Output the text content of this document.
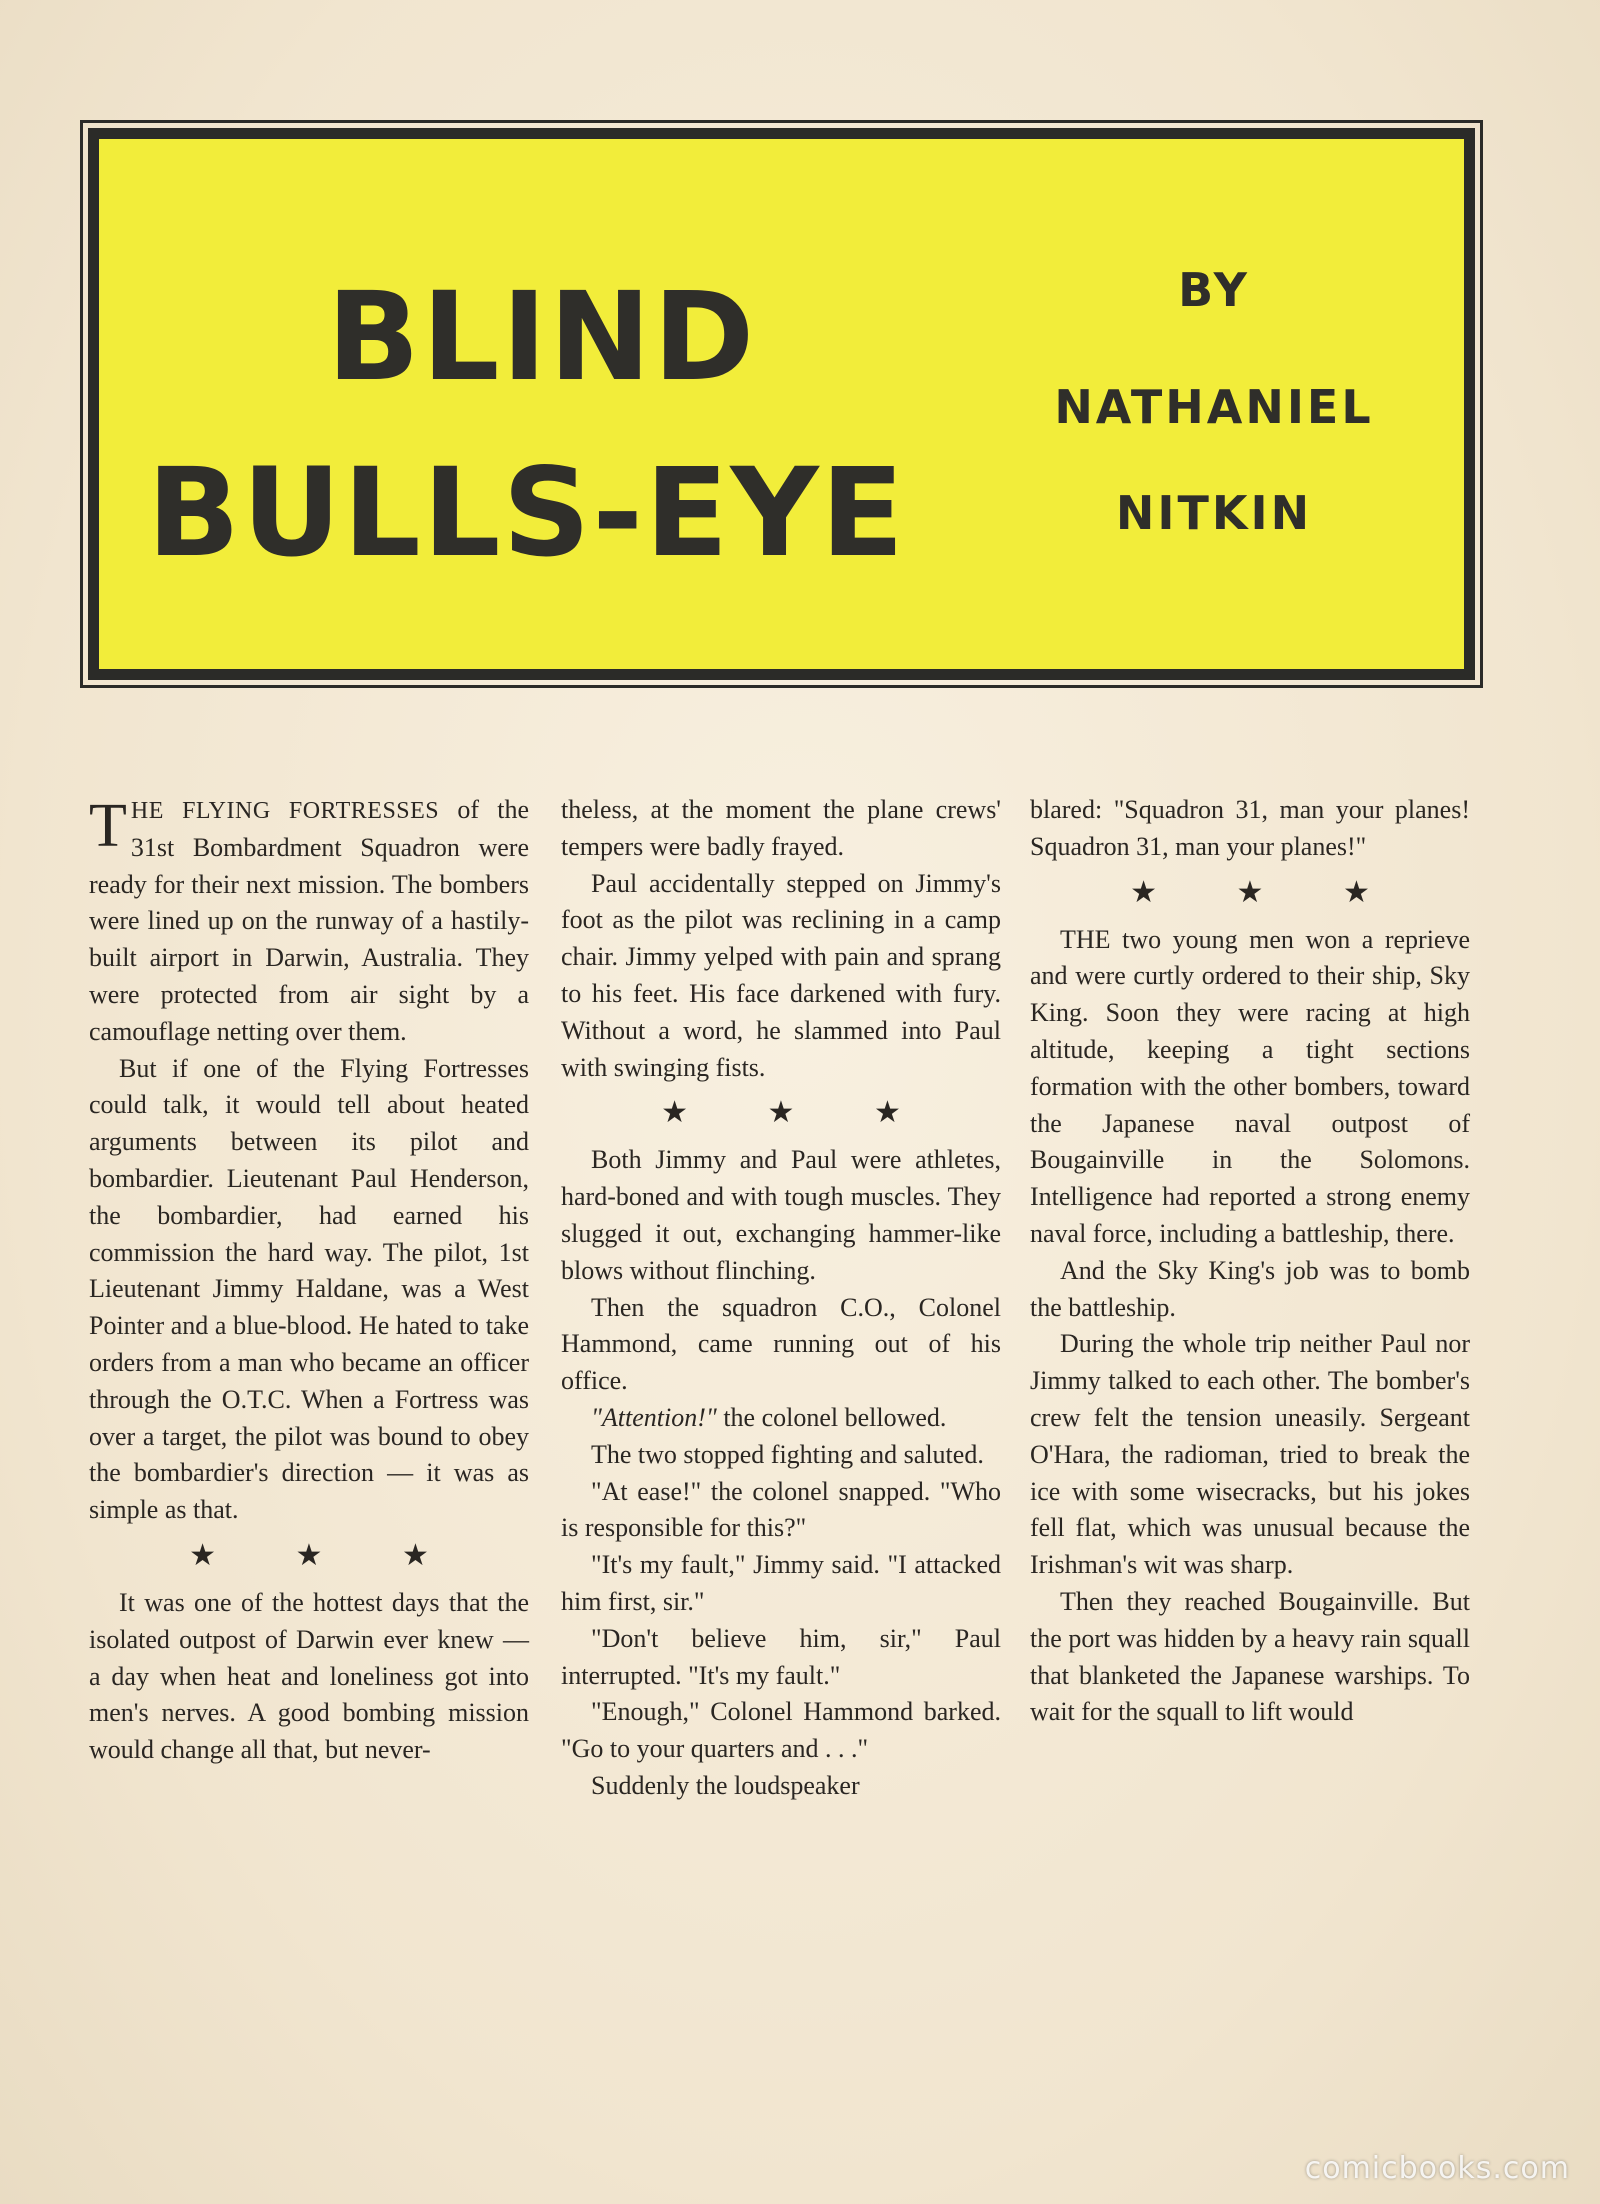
BLIND
BULLS-EYE
BY
NATHANIEL
NITKIN

THE FLYING FORTRESSES of the 31st Bombardment Squadron were ready for their next mission. The bombers were lined up on the runway of a hastily-built airport in Darwin, Australia. They were protected from air sight by a camouflage netting over them.

But if one of the Flying Fortresses could talk, it would tell about heated arguments between its pilot and bombardier. Lieutenant Paul Henderson, the bombardier, had earned his commission the hard way. The pilot, 1st Lieutenant Jimmy Haldane, was a West Pointer and a blue-blood. He hated to take orders from a man who became an officer through the O.T.C. When a Fortress was over a target, the pilot was bound to obey the bombardier's direction — it was as simple as that.

★ ★ ★

It was one of the hottest days that the isolated outpost of Darwin ever knew — a day when heat and loneliness got into men's nerves. A good bombing mission would change all that, but never-

theless, at the moment the plane crews' tempers were badly frayed.

Paul accidentally stepped on Jimmy's foot as the pilot was reclining in a camp chair. Jimmy yelped with pain and sprang to his feet. His face darkened with fury. Without a word, he slammed into Paul with swinging fists.

★ ★ ★

Both Jimmy and Paul were athletes, hard-boned and with tough muscles. They slugged it out, exchanging hammer-like blows without flinching.

Then the squadron C.O., Colonel Hammond, came running out of his office.

"Attention!" the colonel bellowed.

The two stopped fighting and saluted.

"At ease!" the colonel snapped. "Who is responsible for this?"

"It's my fault," Jimmy said. "I attacked him first, sir."

"Don't believe him, sir," Paul interrupted. "It's my fault."

"Enough," Colonel Hammond barked. "Go to your quarters and . . ."

Suddenly the loudspeaker

blared: "Squadron 31, man your planes! Squadron 31, man your planes!"

★ ★ ★

THE two young men won a reprieve and were curtly ordered to their ship, Sky King. Soon they were racing at high altitude, keeping a tight sections formation with the other bombers, toward the Japanese naval outpost of Bougainville in the Solomons. Intelligence had reported a strong enemy naval force, including a battleship, there.

And the Sky King's job was to bomb the battleship.

During the whole trip neither Paul nor Jimmy talked to each other. The bomber's crew felt the tension uneasily. Sergeant O'Hara, the radioman, tried to break the ice with some wisecracks, but his jokes fell flat, which was unusual because the Irishman's wit was sharp.

Then they reached Bougainville. But the port was hidden by a heavy rain squall that blanketed the Japanese warships. To wait for the squall to lift would

comicbooks.com
